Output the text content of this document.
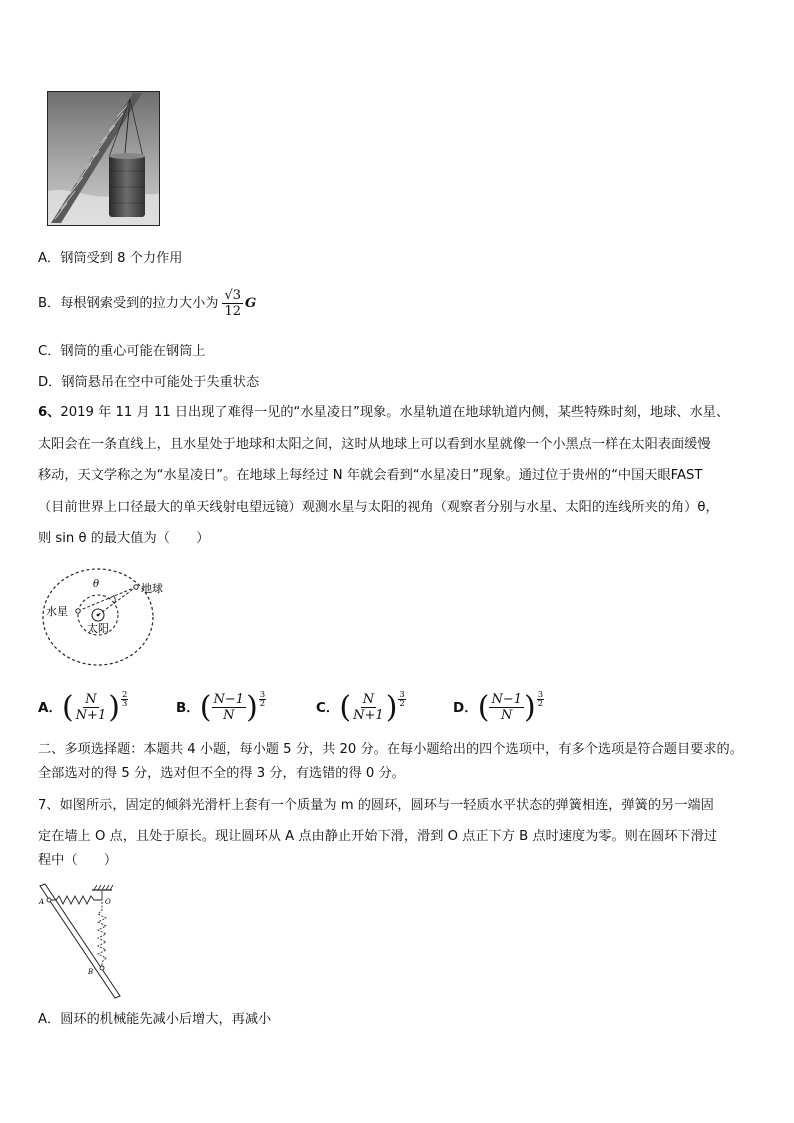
A．钢筒受到 8 个力作用
B．每根钢索受到的拉力大小为 $\frac{√3}{12}$ G
C．钢筒的重心可能在钢筒上
D．钢筒悬吊在空中可能处于失重状态
6、2019 年 11 月 11 日出现了难得一见的“水星凌日”现象。水星轨道在地球轨道内侧，某些特殊时刻，地球、水星、
太阳会在一条直线上，且水星处于地球和太阳之间，这时从地球上可以看到水星就像一个小黑点一样在太阳表面缓慢
移动，天文学称之为“水星凌日”。在地球上每经过 N 年就会看到“水星凌日”现象。通过位于贵州的“中国天眼FAST
（目前世界上口径最大的单天线射电望远镜）观测水星与太阳的视角（观察者分别与水星、太阳的连线所夹的角）θ，
则 sin θ 的最大值为（　　）
θ	地球
水星
太阳
A． ( $\frac{N}{N+1}$ ) $\frac{2}{3}$	B． ( $\frac{N-1}{N}$ ) $\frac{3}{2}$	C． ( $\frac{N}{N+1}$ ) $\frac{3}{2}$	D． ( $\frac{N-1}{N}$ ) $\frac{3}{2}$
二、多项选择题：本题共 4 小题，每小题 5 分，共 20 分。在每小题给出的四个选项中，有多个选项是符合题目要求的。
全部选对的得 5 分，选对但不全的得 3 分，有选错的得 0 分。
7、如图所示，固定的倾斜光滑杆上套有一个质量为 m 的圆环，圆环与一轻质水平状态的弹簧相连，弹簧的另一端固
定在墙上 O 点，且处于原长。现让圆环从 A 点由静止开始下滑，滑到 O 点正下方 B 点时速度为零。则在圆环下滑过
程中（　　）
A	O
B
A．圆环的机械能先减小后增大，再减小
